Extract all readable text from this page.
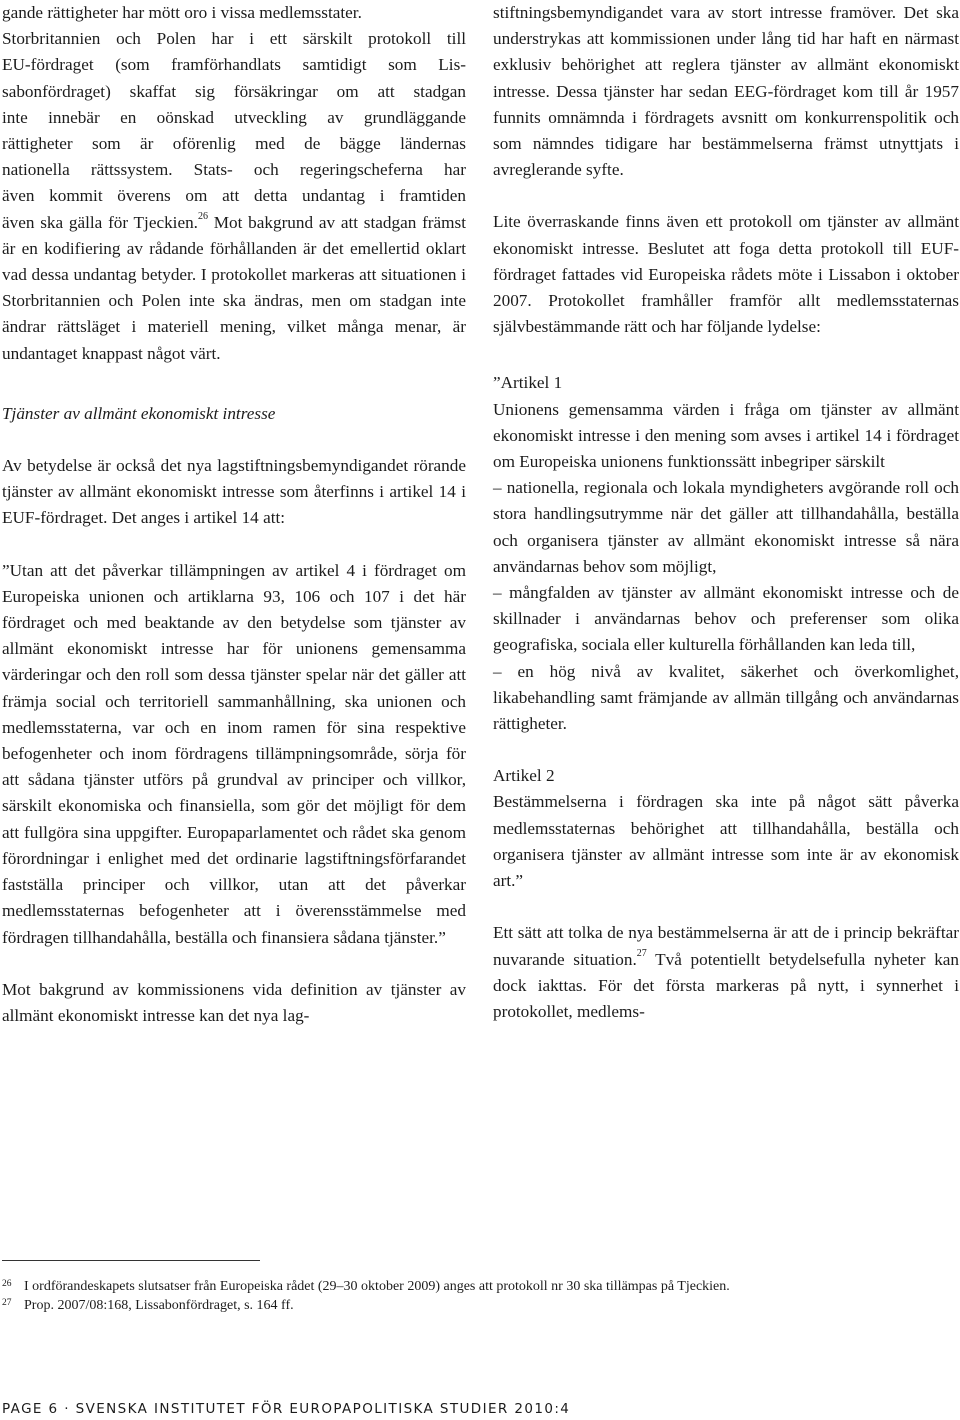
gande rättigheter har mött oro i vissa medlemsstater.
Storbritannien och Polen har i ett särskilt protokoll till
EU-fördraget (som framförhandlats samtidigt som Lis-
sabonfördraget) skaffat sig försäkringar om att stadgan
inte innebär en oönskad utveckling av grundläggande
rättigheter som är oförenlig med de bägge ländernas
nationella rättssystem. Stats- och regeringscheferna har
även kommit överens om att detta undantag i framtiden

även ska gälla för Tjeckien.$^{26}$ Mot bakgrund av att stadgan främst är en kodifiering av rådande förhållanden är det emellertid oklart vad dessa undantag betyder. I protokollet markeras att situationen i Storbritannien och Polen inte ska ändras, men om stadgan inte ändrar rättsläget i materiell mening, vilket många menar, är undantaget knappast något värt.

Tjänster av allmänt ekonomiskt intresse

Av betydelse är också det nya lagstiftningsbemyndigandet rörande tjänster av allmänt ekonomiskt intresse som återfinns i artikel 14 i EUF-fördraget. Det anges i artikel 14 att:

”Utan att det påverkar tillämpningen av artikel 4 i fördraget om Europeiska unionen och artiklarna 93, 106 och 107 i det här fördraget och med beaktande av den betydelse som tjänster av allmänt ekonomiskt intresse har för unionens gemensamma värderingar och den roll som dessa tjänster spelar när det gäller att främja social och territoriell sammanhållning, ska unionen och medlemsstaterna, var och en inom ramen för sina respektive befogenheter och inom fördragens tillämpningsområde, sörja för att sådana tjänster utförs på grundval av principer och villkor, särskilt ekonomiska och finansiella, som gör det möjligt för dem att fullgöra sina uppgifter. Europaparlamentet och rådet ska genom förordningar i enlighet med det ordinarie lagstiftningsförfarandet fastställa principer och villkor, utan att det påverkar medlemsstaternas befogenheter att i överensstämmelse med fördragen tillhandahålla, beställa och finansiera sådana tjänster.”

Mot bakgrund av kommissionens vida definition av tjänster av allmänt ekonomiskt intresse kan det nya lag-

stiftningsbemyndigandet vara av stort intresse framöver. Det ska understrykas att kommissionen under lång tid har haft en närmast exklusiv behörighet att reglera tjänster av allmänt ekonomiskt intresse. Dessa tjänster har sedan EEG-fördraget kom till år 1957 funnits omnämnda i fördragets avsnitt om konkurrenspolitik och som nämndes tidigare har bestämmelserna främst utnyttjats i avreglerande syfte.

Lite överraskande finns även ett protokoll om tjänster av allmänt ekonomiskt intresse. Beslutet att foga detta protokoll till EUF-fördraget fattades vid Europeiska rådets möte i Lissabon i oktober 2007. Protokollet framhåller framför allt medlemsstaternas självbestämmande rätt och har följande lydelse:

”Artikel 1

Unionens gemensamma värden i fråga om tjänster av allmänt ekonomiskt intresse i den mening som avses i artikel 14 i fördraget om Europeiska unionens funktionssätt inbegriper särskilt

– nationella, regionala och lokala myndigheters avgörande roll och stora handlingsutrymme när det gäller att tillhandahålla, beställa och organisera tjänster av allmänt ekonomiskt intresse så nära användarnas behov som möjligt,

– mångfalden av tjänster av allmänt ekonomiskt intresse och de skillnader i användarnas behov och preferenser som olika geografiska, sociala eller kulturella förhållanden kan leda till,

– en hög nivå av kvalitet, säkerhet och överkomlighet, likabehandling samt främjande av allmän tillgång och användarnas rättigheter.

Artikel 2

Bestämmelserna i fördragen ska inte på något sätt påverka medlemsstaternas behörighet att tillhandahålla, beställa och organisera tjänster av allmänt intresse som inte är av ekonomisk art.”

Ett sätt att tolka de nya bestämmelserna är att de i princip bekräftar nuvarande situation.$^{27}$ Två potentiellt betydelsefulla nyheter kan dock iakttas. För det första markeras på nytt, i synnerhet i protokollet, medlems-

26 I ordförandeskapets slutsatser från Europeiska rådet (29–30 oktober 2009) anges att protokoll nr 30 ska tillämpas på Tjeckien.

27 Prop. 2007/08:168, Lissabonfördraget, s. 164 ff.

PAGE 6 · SVENSKA INSTITUTET FÖR EUROPAPOLITISKA STUDIER 2010:4
